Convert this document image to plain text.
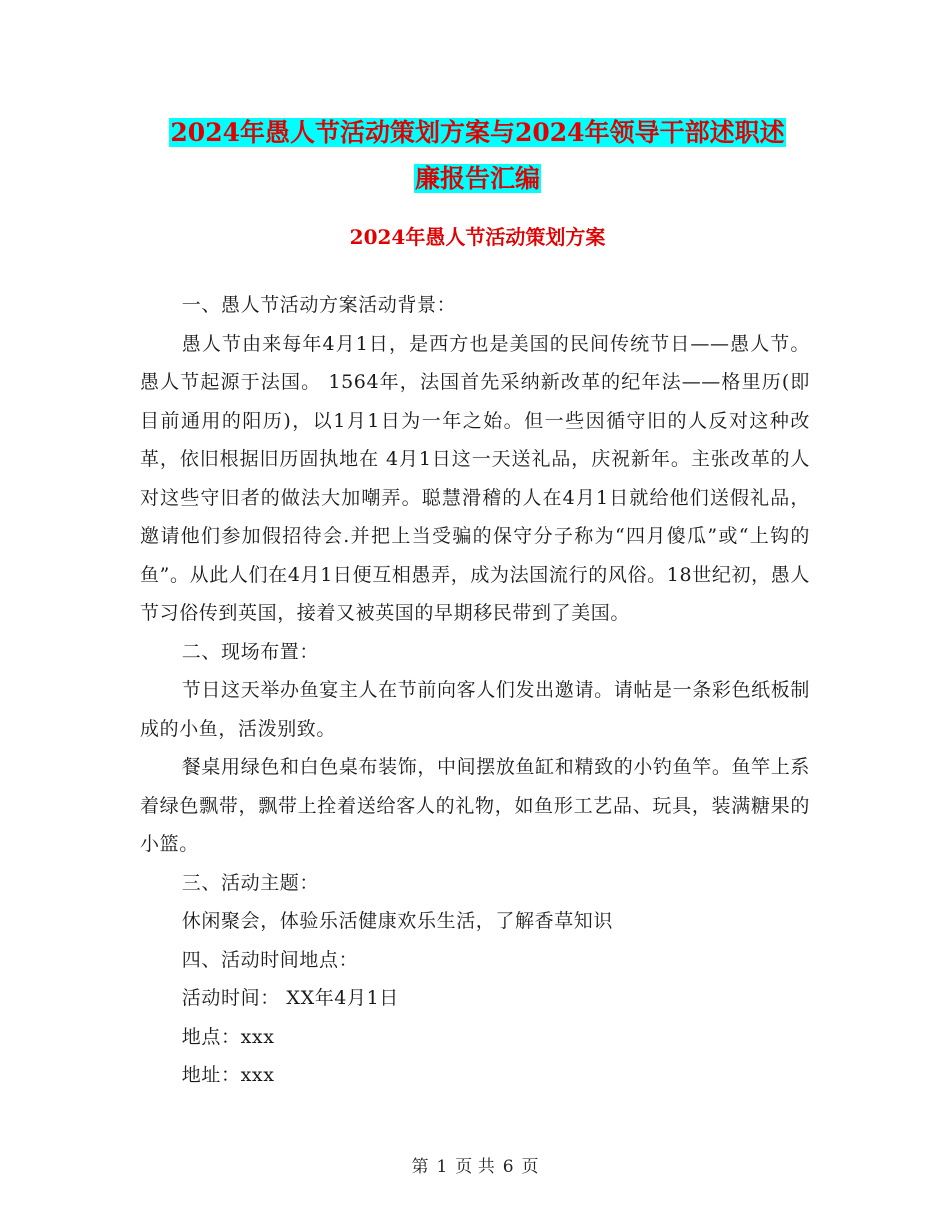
2024年愚人节活动策划方案与2024年领导干部述职述
廉报告汇编
2024年愚人节活动策划方案

一、愚人节活动方案活动背景：

愚人节由来每年4月1日，是西方也是美国的民间传统节日——愚人节。愚人节起源于法国。 1564年，法国首先采纳新改革的纪年法——格里历(即目前通用的阳历)，以1月1日为一年之始。但一些因循守旧的人反对这种改革，依旧根据旧历固执地在 4月1日这一天送礼品，庆祝新年。主张改革的人对这些守旧者的做法大加嘲弄。聪慧滑稽的人在4月1日就给他们送假礼品，邀请他们参加假招待会.并把上当受骗的保守分子称为“四月傻瓜”或“上钩的鱼”。从此人们在4月1日便互相愚弄，成为法国流行的风俗。18世纪初，愚人节习俗传到英国，接着又被英国的早期移民带到了美国。

二、现场布置：

节日这天举办鱼宴主人在节前向客人们发出邀请。请帖是一条彩色纸板制成的小鱼，活泼别致。

餐桌用绿色和白色桌布装饰，中间摆放鱼缸和精致的小钓鱼竿。鱼竿上系着绿色飘带，飘带上拴着送给客人的礼物，如鱼形工艺品、玩具，装满糖果的小篮。

三、活动主题：

休闲聚会，体验乐活健康欢乐生活，了解香草知识

四、活动时间地点：

活动时间： XX年4月1日

地点：xxx

地址：xxx

第 1 页 共 6 页
